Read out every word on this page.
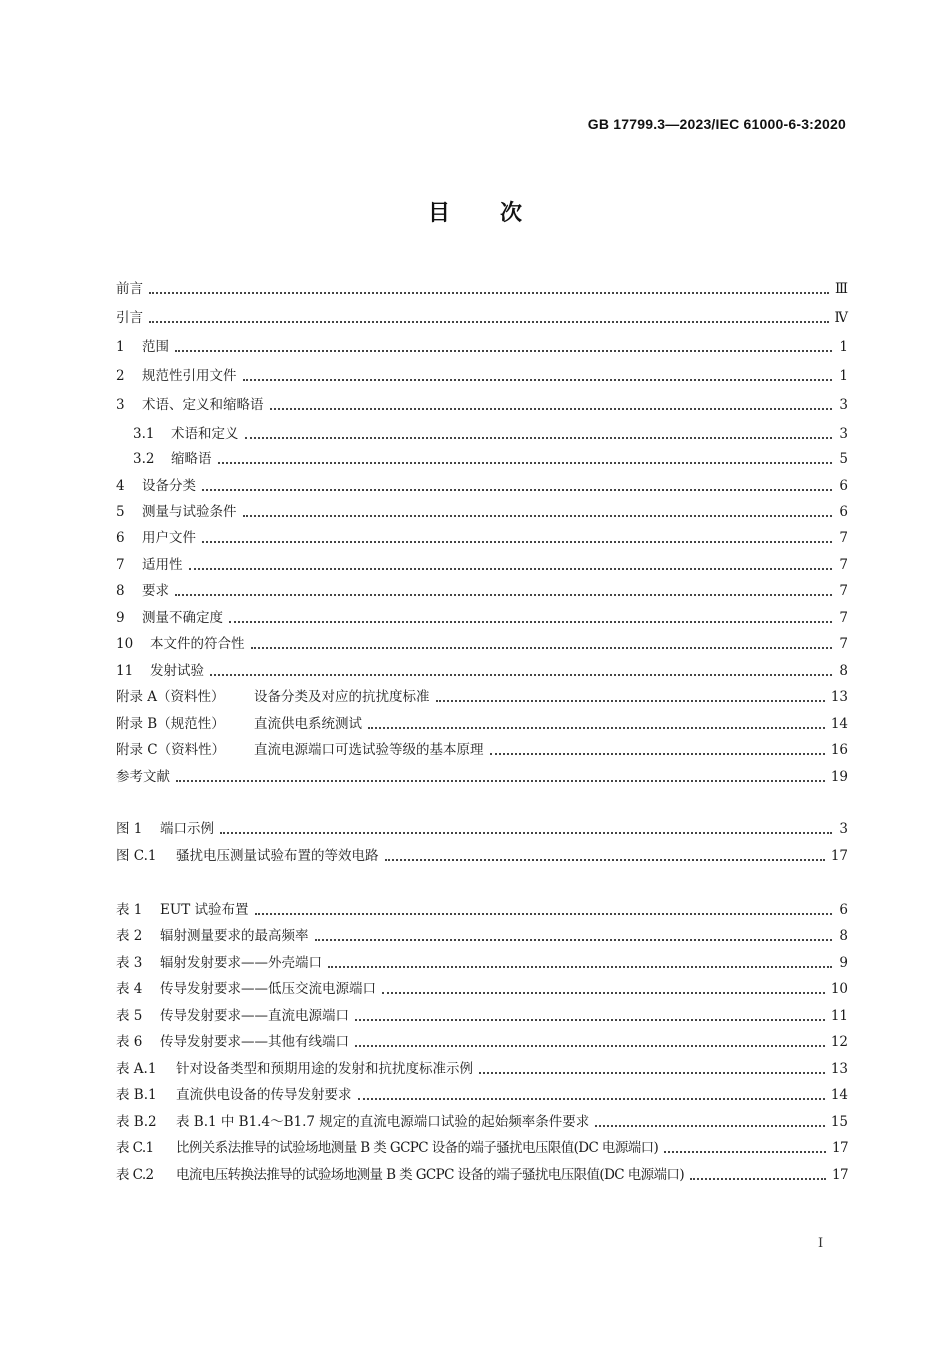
GB 17799.3—2023/IEC 61000-6-3:2020
目次
前言	Ⅲ
引言	Ⅳ
1	范围	1
2	规范性引用文件	1
3	术语、定义和缩略语	3
3.1	术语和定义	3
3.2	缩略语	5
4	设备分类	6
5	测量与试验条件	6
6	用户文件	7
7	适用性	7
8	要求	7
9	测量不确定度	7
10	本文件的符合性	7
11	发射试验	8
附录 A（资料性）	设备分类及对应的抗扰度标准	13
附录 B（规范性）	直流供电系统测试	14
附录 C（资料性）	直流电源端口可选试验等级的基本原理	16
参考文献	19
图 1	端口示例	3
图 C.1	骚扰电压测量试验布置的等效电路	17
表 1	EUT 试验布置	6
表 2	辐射测量要求的最高频率	8
表 3	辐射发射要求——外壳端口	9
表 4	传导发射要求——低压交流电源端口	10
表 5	传导发射要求——直流电源端口	11
表 6	传导发射要求——其他有线端口	12
表 A.1	针对设备类型和预期用途的发射和抗扰度标准示例	13
表 B.1	直流供电设备的传导发射要求	14
表 B.2	表 B.1 中 B1.4～B1.7 规定的直流电源端口试验的起始频率条件要求	15
表 C.1	比例关系法推导的试验场地测量 B 类 GCPC 设备的端子骚扰电压限值(DC 电源端口)	17
表 C.2	电流电压转换法推导的试验场地测量 B 类 GCPC 设备的端子骚扰电压限值(DC 电源端口)	17
Ⅰ
